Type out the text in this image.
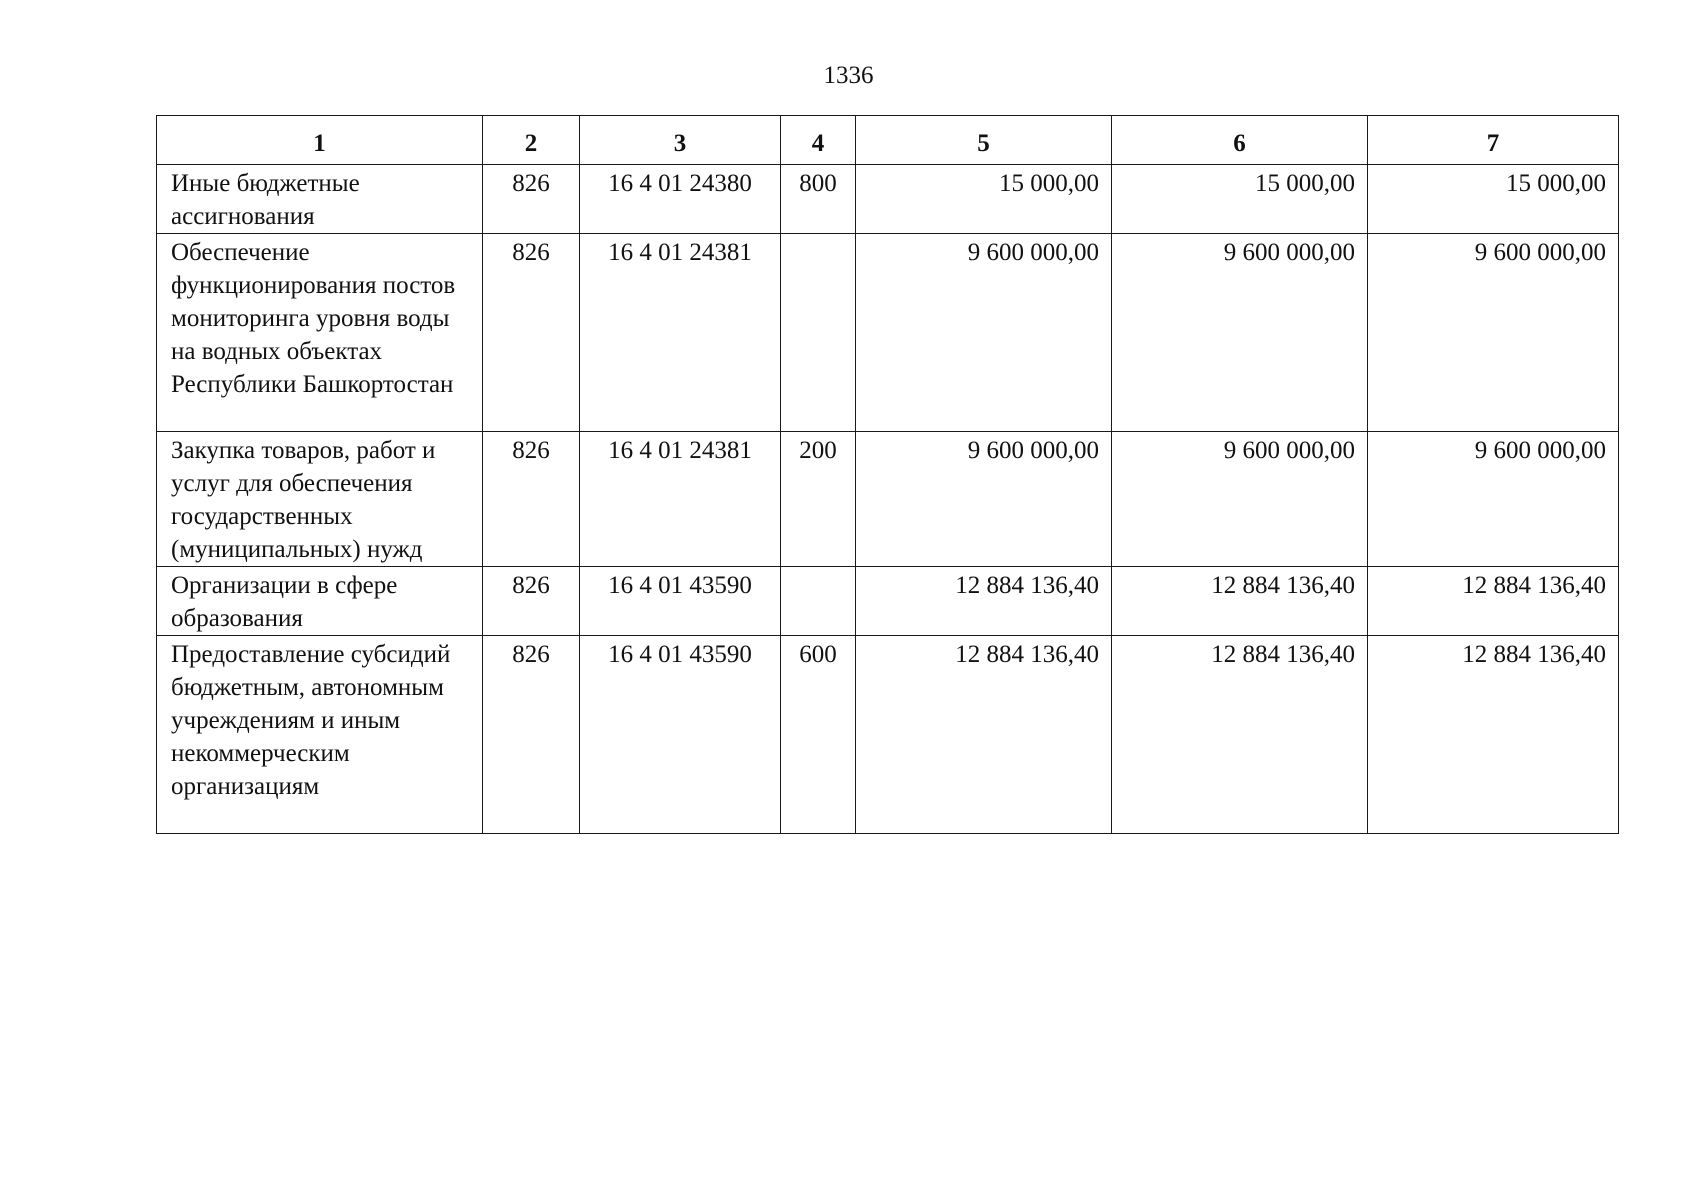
1336
1	2	3	4	5	6	7
Иные бюджетные ассигнования	826	16 4 01 24380	800	15 000,00	15 000,00	15 000,00
Обеспечение функционирования постов мониторинга уровня воды на водных объектах Республики Башкортостан	826	16 4 01 24381		9 600 000,00	9 600 000,00	9 600 000,00
Закупка товаров, работ и услуг для обеспечения государственных (муниципальных) нужд	826	16 4 01 24381	200	9 600 000,00	9 600 000,00	9 600 000,00
Организации в сфере образования	826	16 4 01 43590		12 884 136,40	12 884 136,40	12 884 136,40
Предоставление субсидий бюджетным, автономным учреждениям и иным некоммерческим организациям	826	16 4 01 43590	600	12 884 136,40	12 884 136,40	12 884 136,40
